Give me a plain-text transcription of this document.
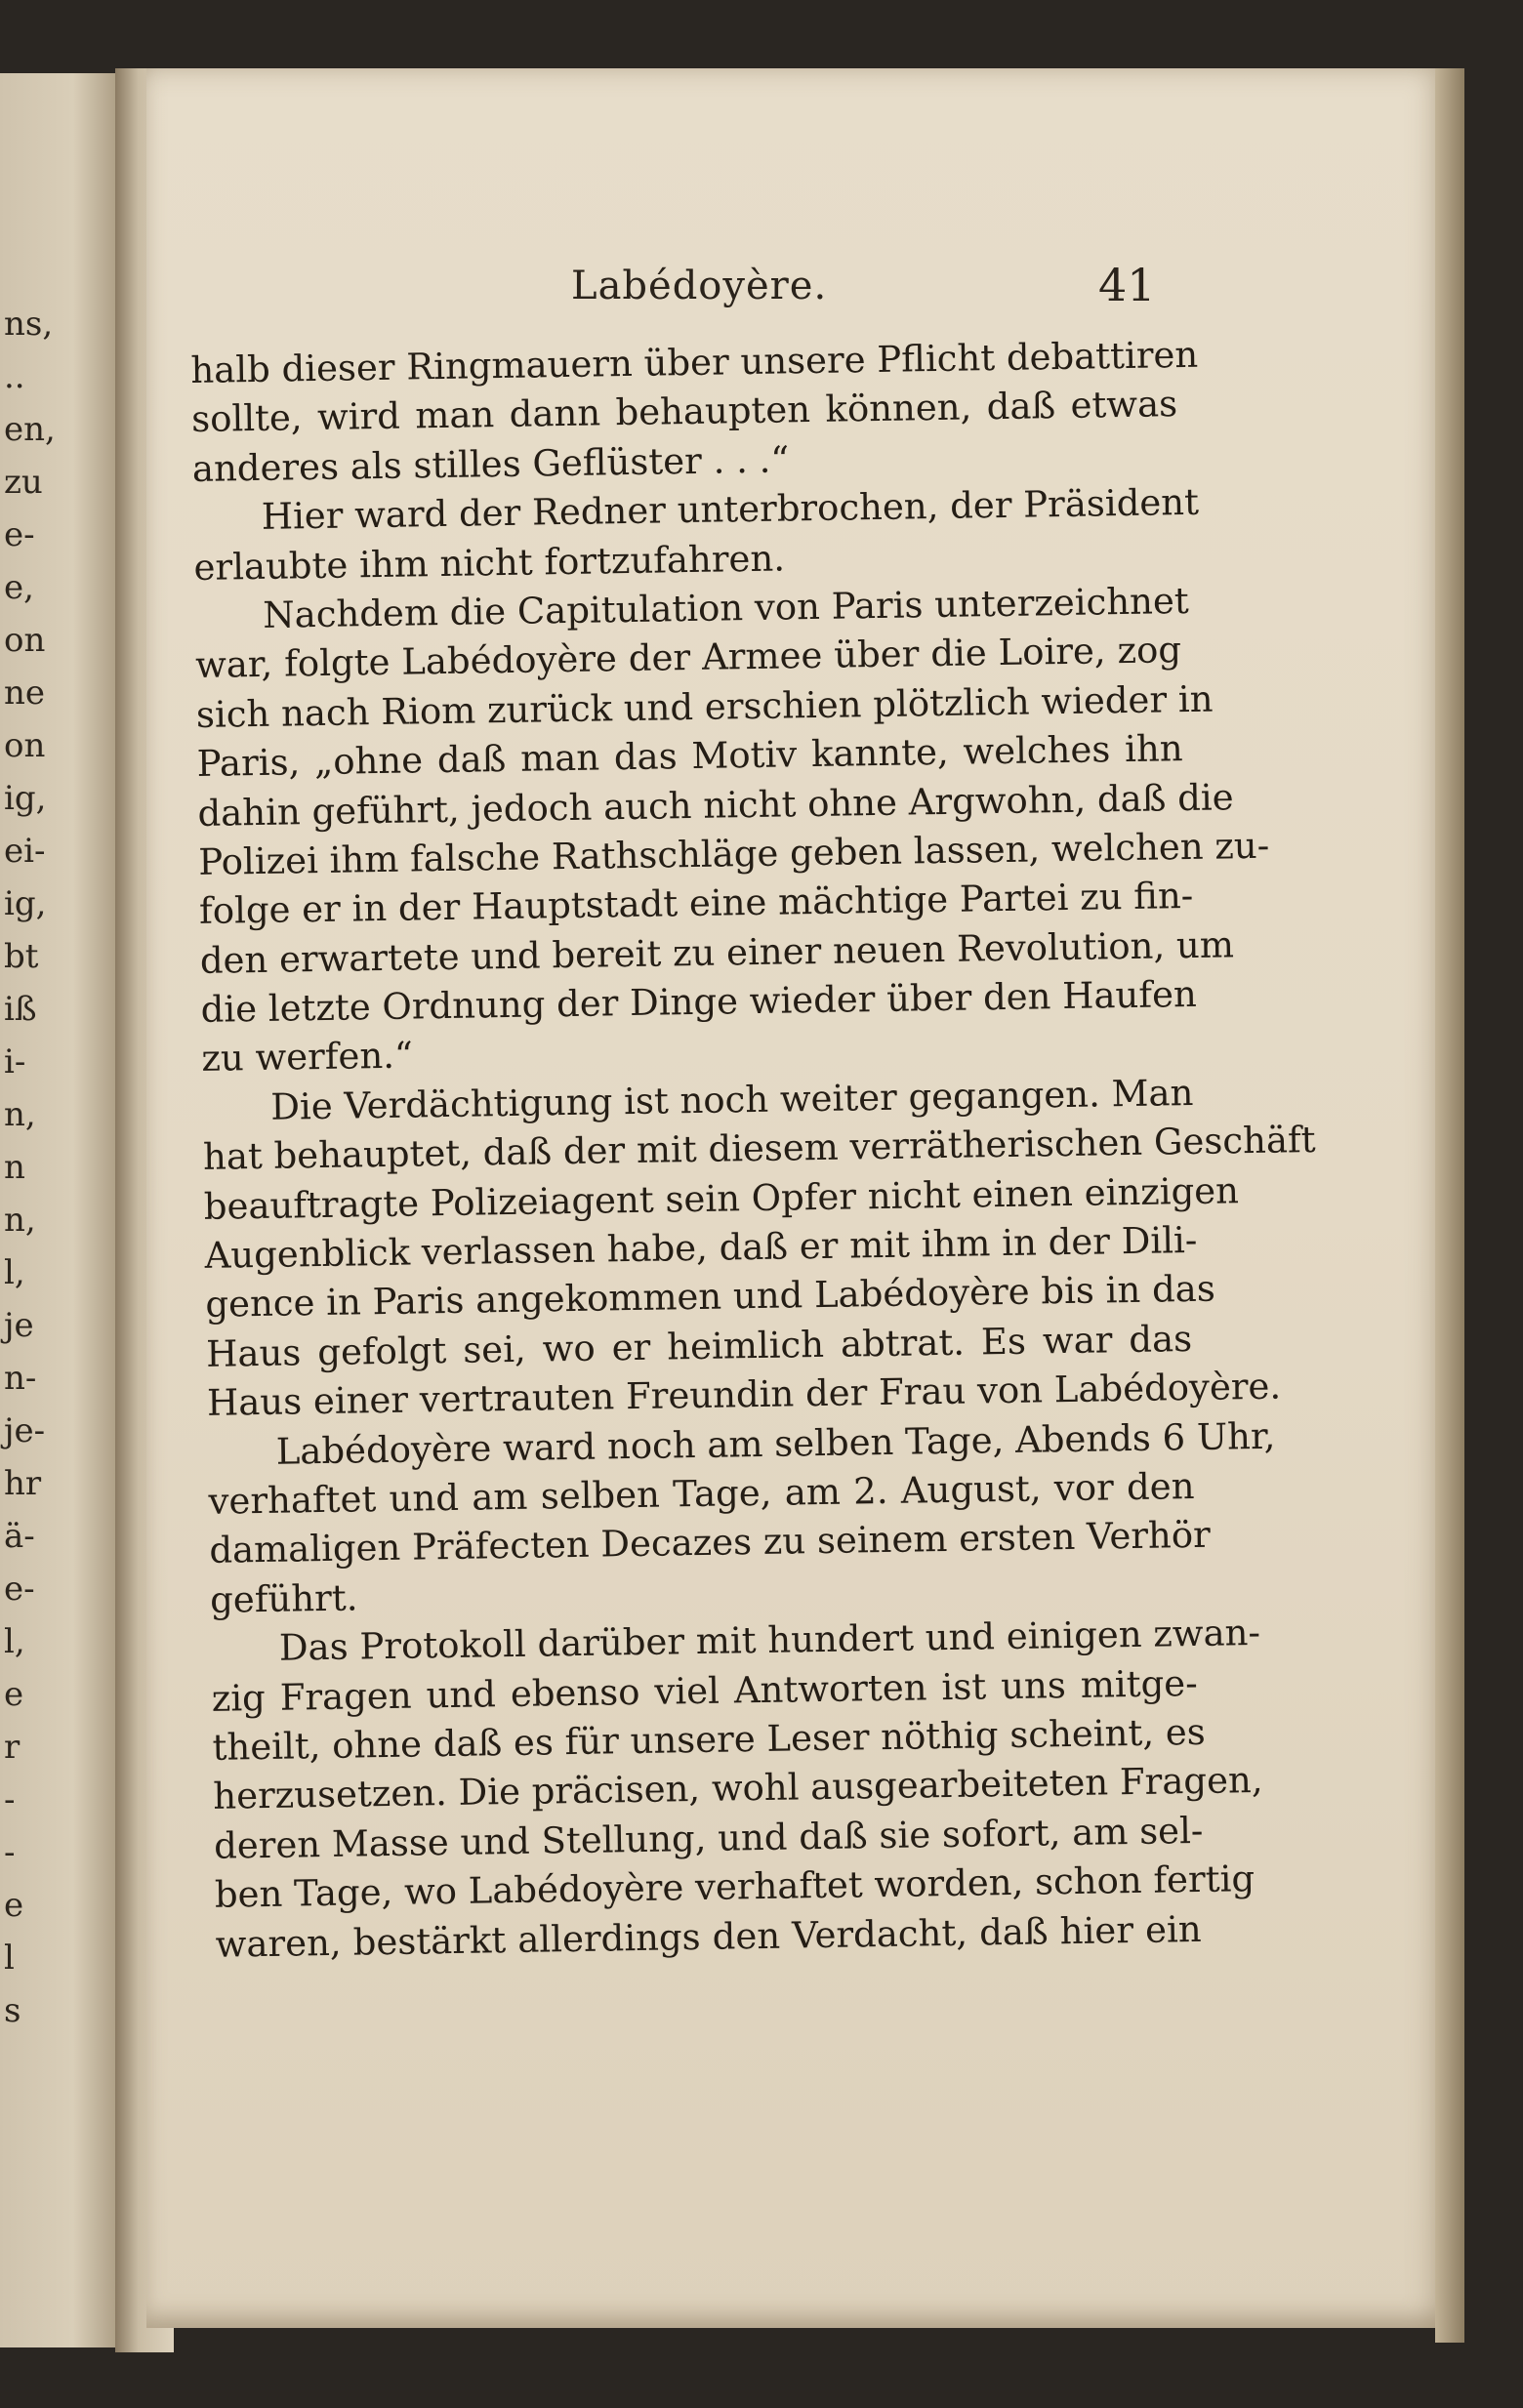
ns,
..
en,
zu
e-
e,
on
ne
on
ig,
ei-
ig,
bt
iß
i-
n,
n
n,
l,
je
n-
je-
hr
ä-
e-
l,
e
r
-
-
e
l
s
Labédoyère.	41
halb dieser Ringmauern über unsere Pflicht debattiren
sollte, wird man dann behaupten können, daß etwas
anderes als stilles Geflüster . . .“
Hier ward der Redner unterbrochen, der Präsident
erlaubte ihm nicht fortzufahren.
Nachdem die Capitulation von Paris unterzeichnet
war, folgte Labédoyère der Armee über die Loire, zog
sich nach Riom zurück und erschien plötzlich wieder in
Paris, „ohne daß man das Motiv kannte, welches ihn
dahin geführt, jedoch auch nicht ohne Argwohn, daß die
Polizei ihm falsche Rathschläge geben lassen, welchen zu-
folge er in der Hauptstadt eine mächtige Partei zu fin-
den erwartete und bereit zu einer neuen Revolution, um
die letzte Ordnung der Dinge wieder über den Haufen
zu werfen.“
Die Verdächtigung ist noch weiter gegangen. Man
hat behauptet, daß der mit diesem verrätherischen Geschäft
beauftragte Polizeiagent sein Opfer nicht einen einzigen
Augenblick verlassen habe, daß er mit ihm in der Dili-
gence in Paris angekommen und Labédoyère bis in das
Haus gefolgt sei, wo er heimlich abtrat. Es war das
Haus einer vertrauten Freundin der Frau von Labédoyère.
Labédoyère ward noch am selben Tage, Abends 6 Uhr,
verhaftet und am selben Tage, am 2. August, vor den
damaligen Präfecten Decazes zu seinem ersten Verhör
geführt.
Das Protokoll darüber mit hundert und einigen zwan-
zig Fragen und ebenso viel Antworten ist uns mitge-
theilt, ohne daß es für unsere Leser nöthig scheint, es
herzusetzen. Die präcisen, wohl ausgearbeiteten Fragen,
deren Masse und Stellung, und daß sie sofort, am sel-
ben Tage, wo Labédoyère verhaftet worden, schon fertig
waren, bestärkt allerdings den Verdacht, daß hier ein
